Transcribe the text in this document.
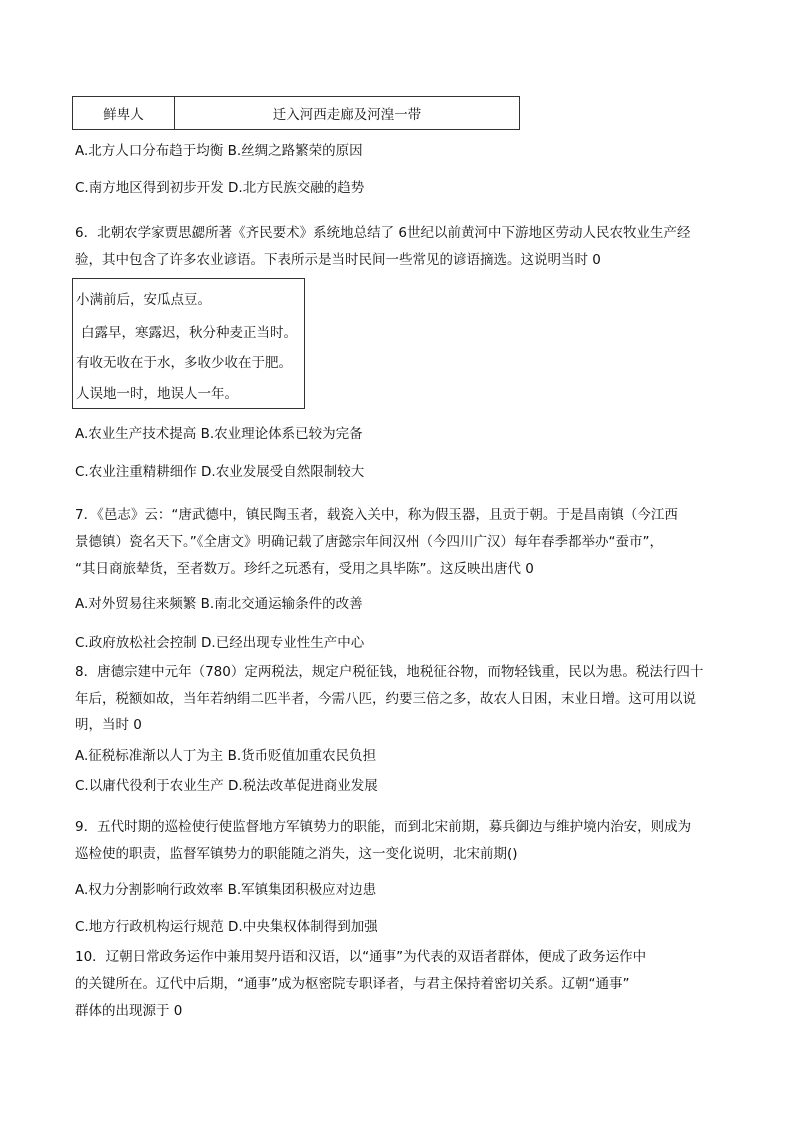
鲜卑人	迁入河西走廊及河湟一带
A.北方人口分布趋于均衡 B.丝绸之路繁荣的原因
C.南方地区得到初步开发 D.北方民族交融的趋势
6．北朝农学家贾思勰所著《齐民要术》系统地总结了 6世纪以前黄河中下游地区劳动人民农牧业生产经
验，其中包含了许多农业谚语。下表所示是当时民间一些常见的谚语摘选。这说明当时 0
小满前后，安瓜点豆。
白露早，寒露迟，秋分种麦正当时。
有收无收在于水，多收少收在于肥。
人误地一时，地误人一年。
A.农业生产技术提高 B.农业理论体系已较为完备
C.农业注重精耕细作 D.农业发展受自然限制较大
7．《邑志》云：“唐武德中，镇民陶玉者，载瓷入关中，称为假玉器，且贡于朝。于是昌南镇（今江西
景德镇）瓷名天下。”《全唐文》明确记载了唐懿宗年间汉州（今四川广汉）每年春季都举办“蚕市”，
“其日商旅辇货，至者数万。珍纤之玩悉有，受用之具毕陈”。这反映出唐代 0
A.对外贸易往来频繁 B.南北交通运输条件的改善
C.政府放松社会控制 D.已经出现专业性生产中心
8．唐德宗建中元年（780）定两税法，规定户税征钱，地税征谷物，而物轻钱重，民以为患。税法行四十
年后，税额如故，当年若纳绢二匹半者，今需八匹，约要三倍之多，故农人日困，末业日增。这可用以说
明，当时 0
A.征税标准渐以人丁为主 B.货币贬值加重农民负担
C.以庸代役利于农业生产 D.税法改革促进商业发展
9．五代时期的巡检使行使监督地方军镇势力的职能，而到北宋前期，募兵御边与维护境内治安，则成为
巡检使的职责，监督军镇势力的职能随之消失，这一变化说明，北宋前期()
A.权力分割影响行政效率 B.军镇集团积极应对边患
C.地方行政机构运行规范 D.中央集权体制得到加强
10．辽朝日常政务运作中兼用契丹语和汉语，以“通事”为代表的双语者群体，便成了政务运作中
的关键所在。辽代中后期，“通事”成为枢密院专职译者，与君主保持着密切关系。辽朝“通事”
群体的出现源于 0
